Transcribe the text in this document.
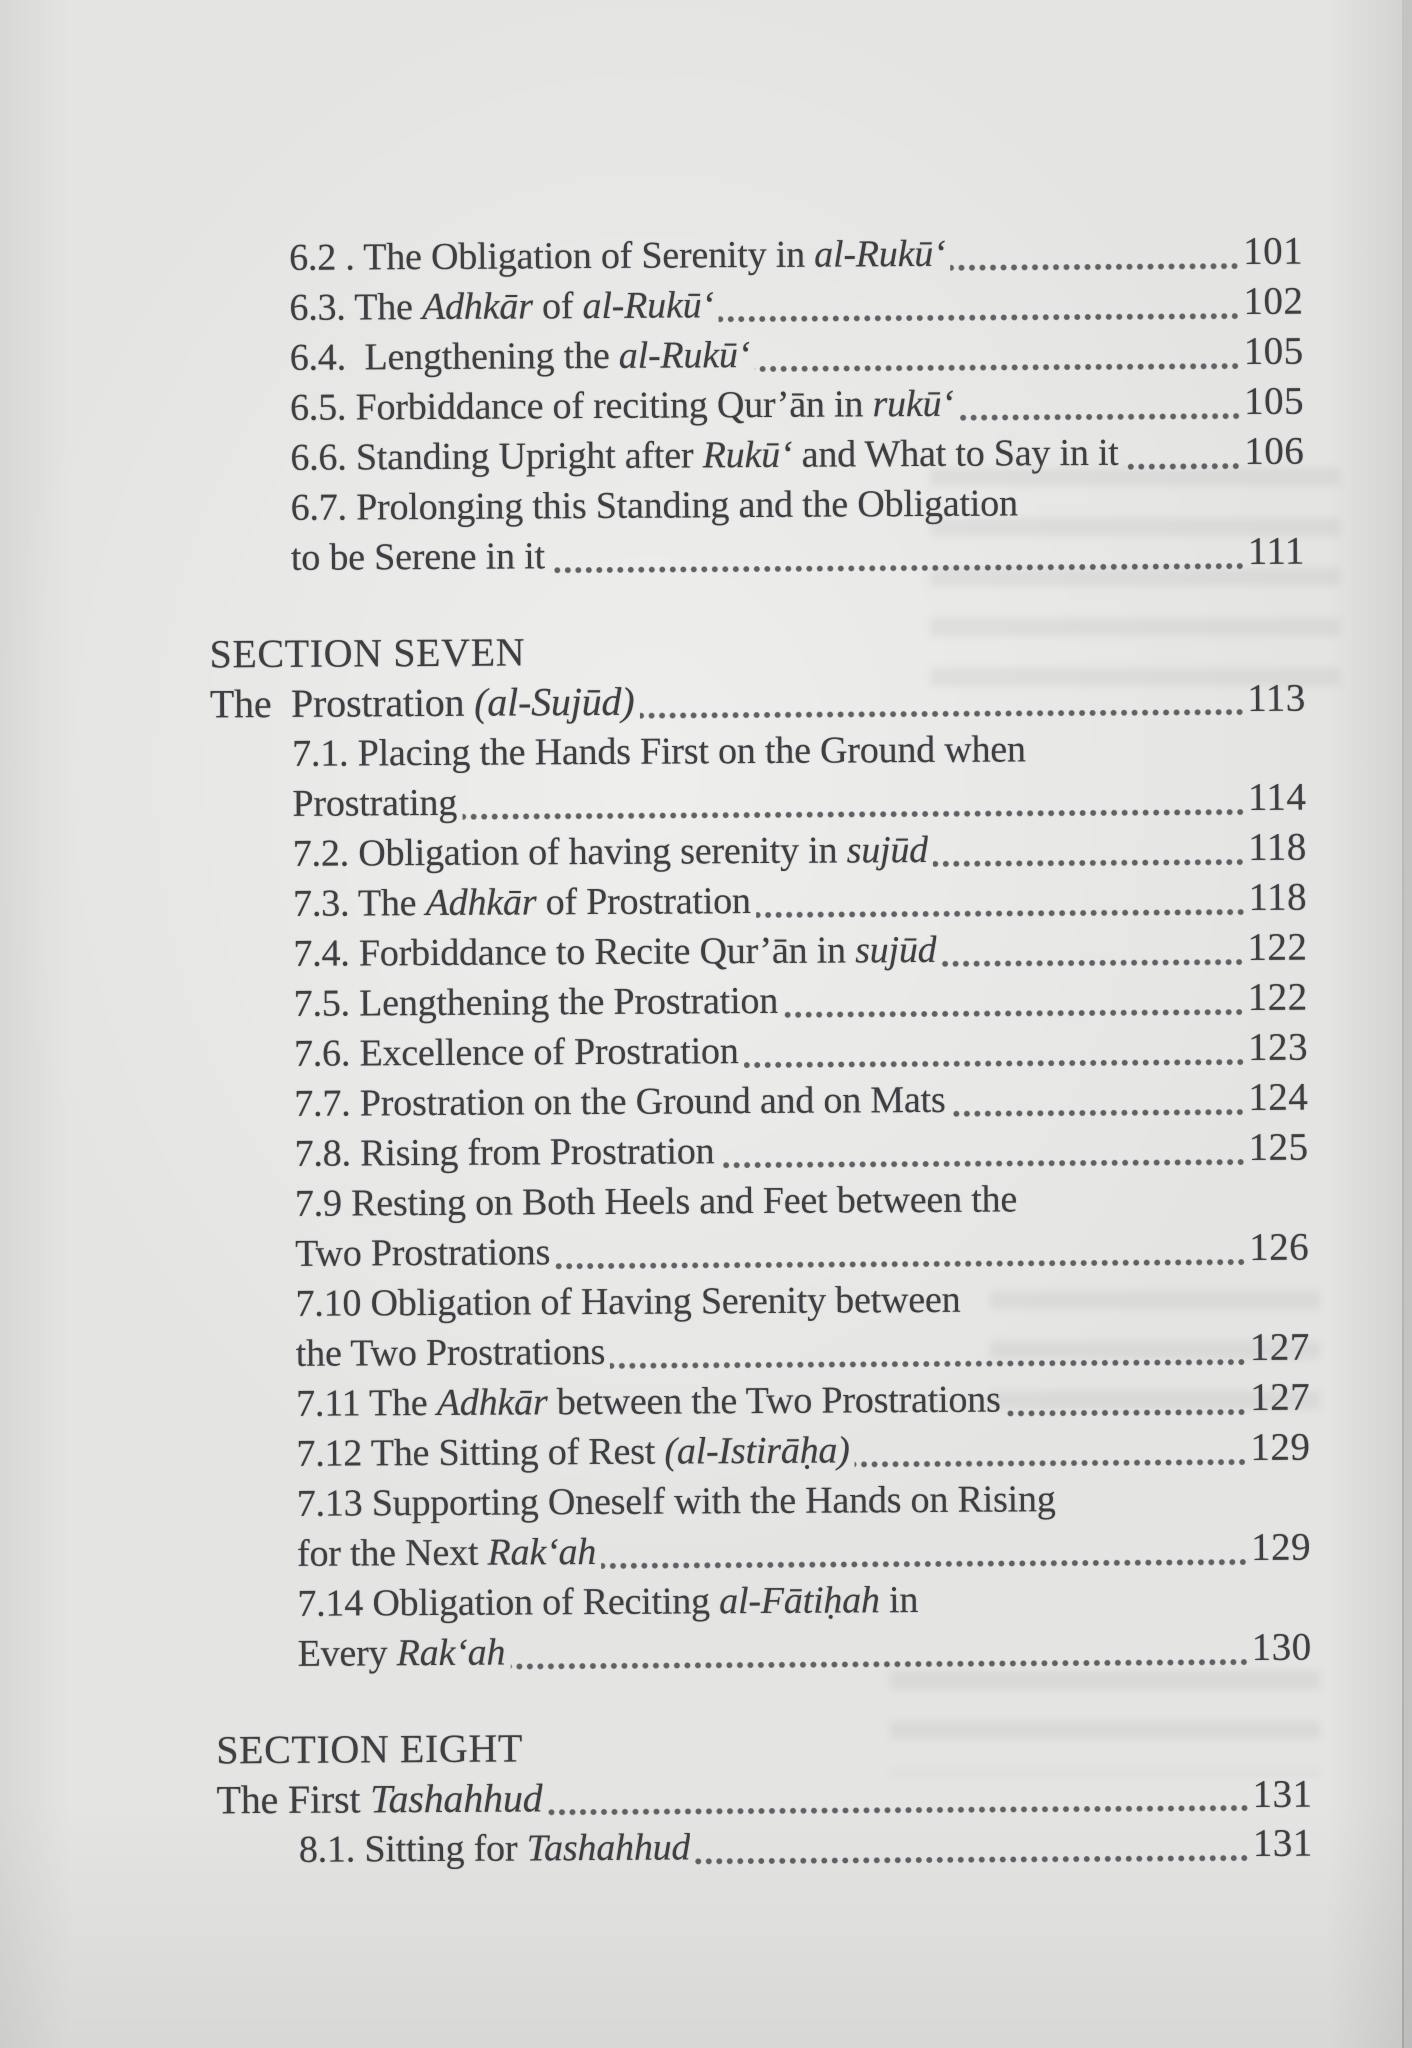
6.2 . The Obligation of Serenity in al-Rukū‘	101
6.3. The Adhkār of al-Rukū‘	102
6.4.  Lengthening the al-Rukū‘	105
6.5. Forbiddance of reciting Qur’ān in rukū‘	105
6.6. Standing Upright after Rukū‘ and What to Say in it	106
6.7. Prolonging this Standing and the Obligation
to be Serene in it	111
SECTION SEVEN
The  Prostration (al-Sujūd)	113
7.1. Placing the Hands First on the Ground when
Prostrating	114
7.2. Obligation of having serenity in sujūd	118
7.3. The Adhkār of Prostration	118
7.4. Forbiddance to Recite Qur’ān in sujūd	122
7.5. Lengthening the Prostration	122
7.6. Excellence of Prostration	123
7.7. Prostration on the Ground and on Mats	124
7.8. Rising from Prostration	125
7.9 Resting on Both Heels and Feet between the
Two Prostrations	126
7.10 Obligation of Having Serenity between
the Two Prostrations	127
7.11 The Adhkār between the Two Prostrations	127
7.12 The Sitting of Rest (al-Istirāḥa)	129
7.13 Supporting Oneself with the Hands on Rising
for the Next Rak‘ah	129
7.14 Obligation of Reciting al-Fātiḥah in
Every Rak‘ah	130
SECTION EIGHT
The First Tashahhud	131
8.1. Sitting for Tashahhud	131
